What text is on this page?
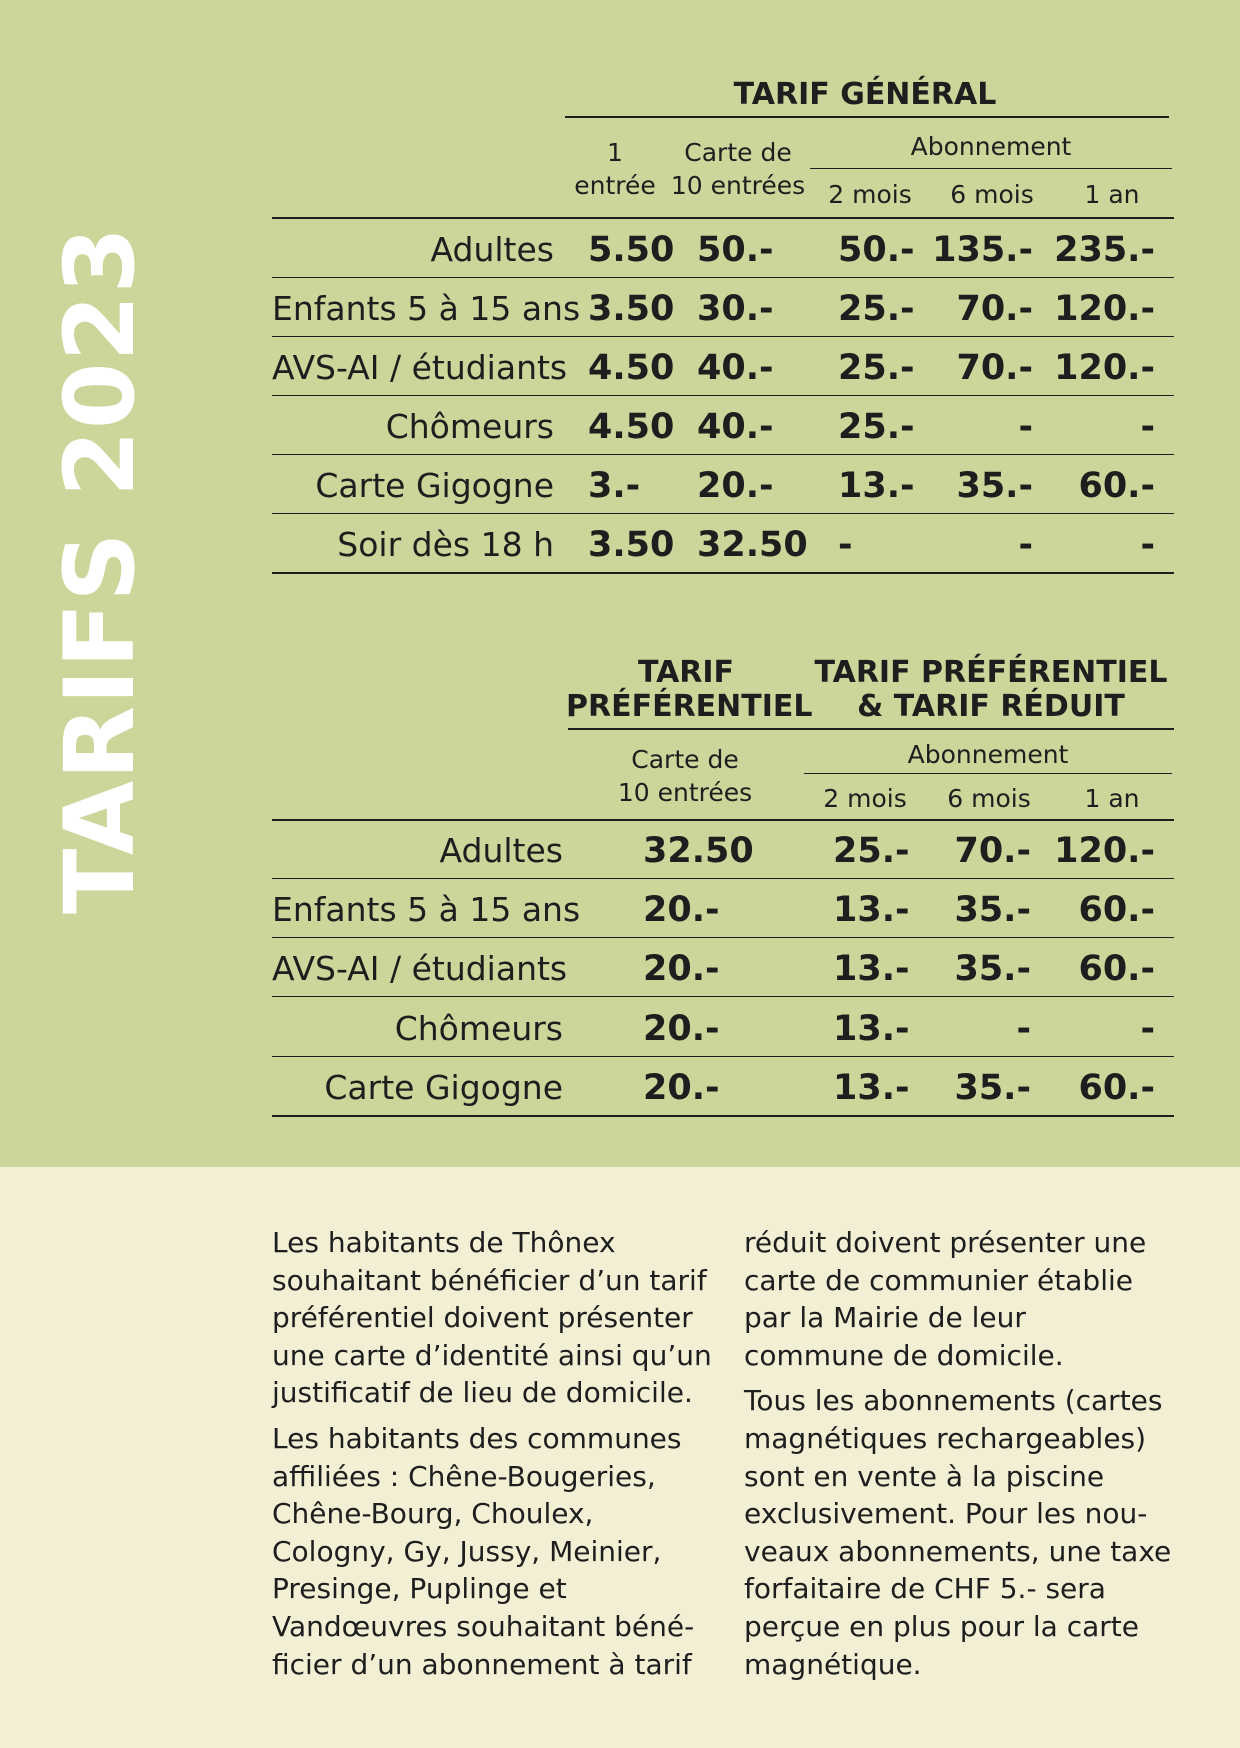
TARIFS 2023
TARIF GÉNÉRAL
1
entrée
Carte de
10 entrées
Abonnement
2 mois	6 mois	1 an
Adultes 5.50 50.-	50.- 135.- 235.-
Enfants 5 à 15 ans 3.50 30.-	25.-	70.- 120.-
AVS-AI / étudiants 4.50 40.-	25.-	70.- 120.-
Chômeurs 4.50 40.-	25.-	-	-
Carte Gigogne 3.-	20.-	13.-	35.-	60.-
Soir dès 18 h 3.50 32.50 -	-	-
TARIF
PRÉFÉRENTIEL
TARIF PRÉFÉRENTIEL
& TARIF RÉDUIT
Carte de
10 entrées
Abonnement
2 mois	6 mois	1 an
Adultes 32.50	25.-	70.- 120.-
Enfants 5 à 15 ans 20.-	13.-	35.-	60.-
AVS-AI / étudiants 20.-	13.-	35.-	60.-
Chômeurs 20.-	13.-	-	-
Carte Gigogne 20.-	13.-	35.-	60.-

Les habitants de Thônex souhaitant bénéficier d’un tarif préférentiel doivent présenter une carte d’identité ainsi qu’un justificatif de lieu de domicile.

Les habitants des communes affiliées : Chêne-Bougeries, Chêne-Bourg, Choulex, Cologny, Gy, Jussy, Meinier, Presinge, Puplinge et Vandœuvres souhaitant béné-ficier d’un abonnement à tarif

réduit doivent présenter une carte de communier établie par la Mairie de leur commune de domicile.

Tous les abonnements (cartes magnétiques rechargeables) sont en vente à la piscine exclusivement. Pour les nou-veaux abonnements, une taxe forfaitaire de CHF 5.- sera perçue en plus pour la carte magnétique.
